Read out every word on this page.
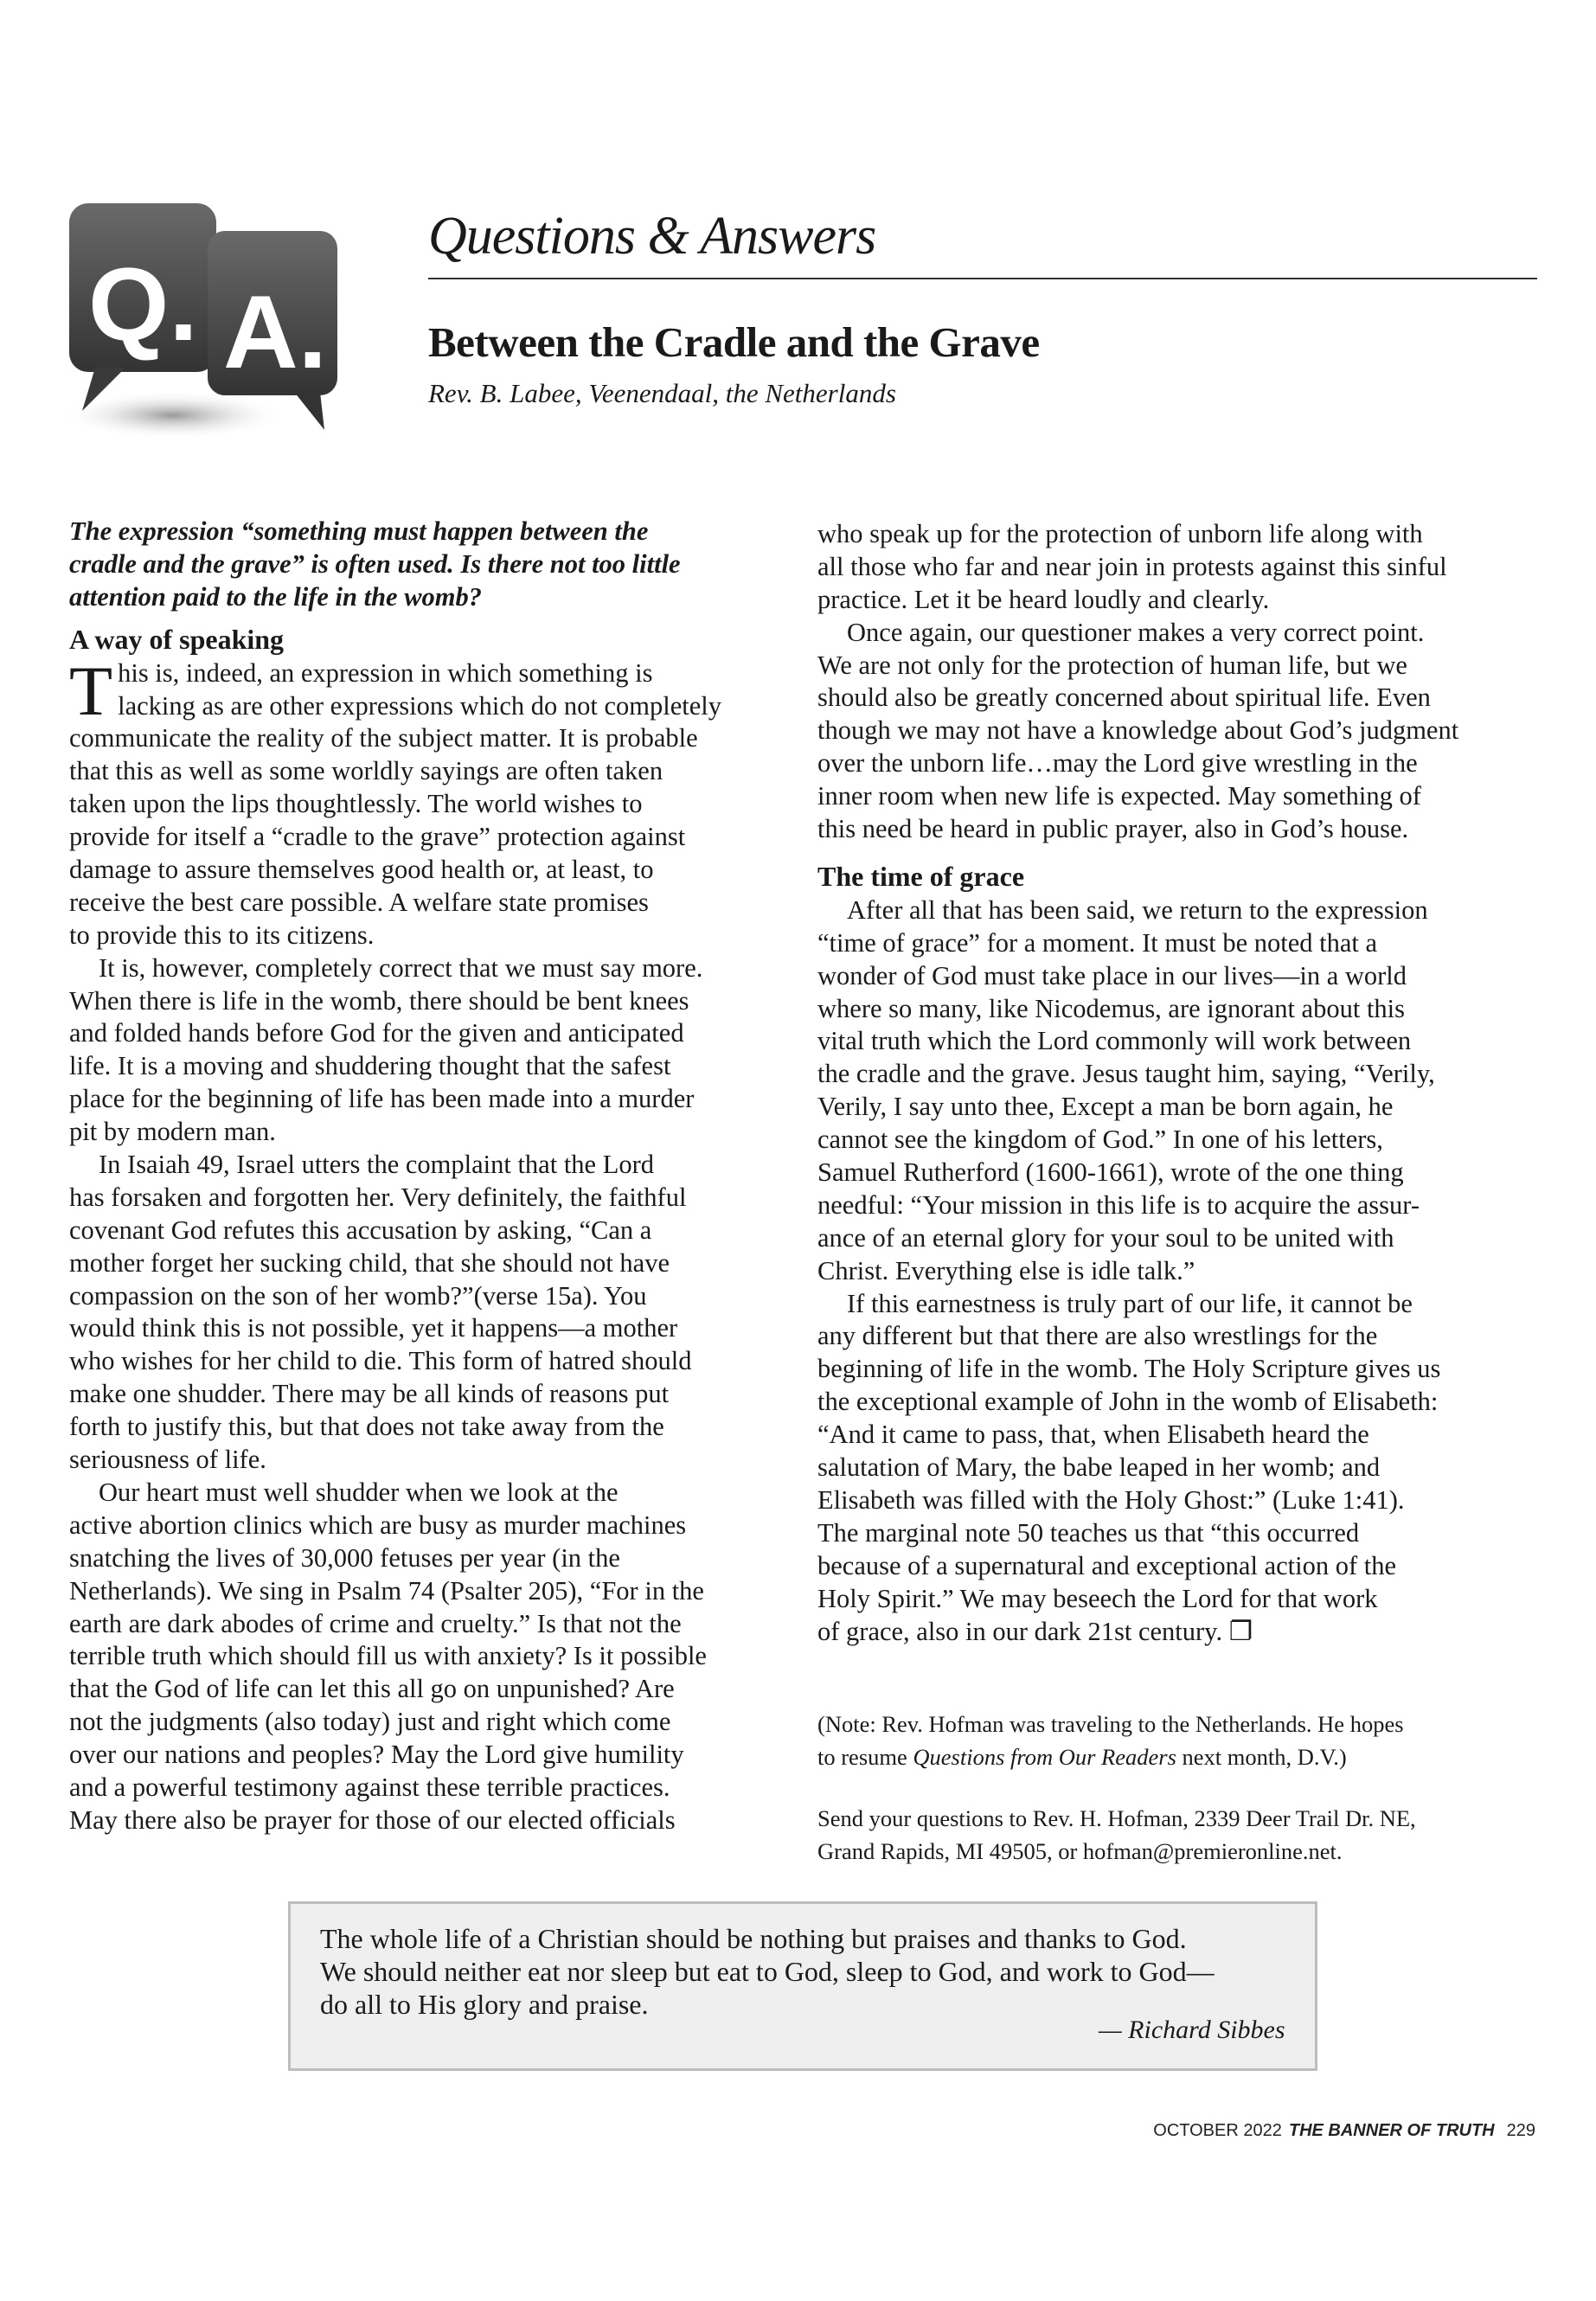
Q. A.
Questions & Answers
Between the Cradle and the Grave
Rev. B. Labee, Veenendaal, the Netherlands
The expression “something must happen between the
cradle and the grave” is often used. Is there not too little
attention paid to the life in the womb?
A way of speaking
T his is, indeed, an expression in which something is
lacking as are other expressions which do not completely
communicate the reality of the subject matter. It is probable
that this as well as some worldly sayings are often taken
taken upon the lips thoughtlessly. The world wishes to
provide for itself a “cradle to the grave” protection against
damage to assure themselves good health or, at least, to
receive the best care possible. A welfare state promises
to provide this to its citizens.
It is, however, completely correct that we must say more.
When there is life in the womb, there should be bent knees
and folded hands before God for the given and anticipated
life. It is a moving and shuddering thought that the safest
place for the beginning of life has been made into a murder
pit by modern man.
In Isaiah 49, Israel utters the complaint that the Lord
has forsaken and forgotten her. Very definitely, the faithful
covenant God refutes this accusation by asking, “Can a
mother forget her sucking child, that she should not have
compassion on the son of her womb?”(verse 15a). You
would think this is not possible, yet it happens—a mother
who wishes for her child to die. This form of hatred should
make one shudder. There may be all kinds of reasons put
forth to justify this, but that does not take away from the
seriousness of life.
Our heart must well shudder when we look at the
active abortion clinics which are busy as murder machines
snatching the lives of 30,000 fetuses per year (in the
Netherlands). We sing in Psalm 74 (Psalter 205), “For in the
earth are dark abodes of crime and cruelty.” Is that not the
terrible truth which should fill us with anxiety? Is it possible
that the God of life can let this all go on unpunished? Are
not the judgments (also today) just and right which come
over our nations and peoples? May the Lord give humility
and a powerful testimony against these terrible practices.
May there also be prayer for those of our elected officials
who speak up for the protection of unborn life along with
all those who far and near join in protests against this sinful
practice. Let it be heard loudly and clearly.
Once again, our questioner makes a very correct point.
We are not only for the protection of human life, but we
should also be greatly concerned about spiritual life. Even
though we may not have a knowledge about God’s judgment
over the unborn life…may the Lord give wrestling in the
inner room when new life is expected. May something of
this need be heard in public prayer, also in God’s house.
The time of grace
After all that has been said, we return to the expression
“time of grace” for a moment. It must be noted that a
wonder of God must take place in our lives—in a world
where so many, like Nicodemus, are ignorant about this
vital truth which the Lord commonly will work between
the cradle and the grave. Jesus taught him, saying, “Verily,
Verily, I say unto thee, Except a man be born again, he
cannot see the kingdom of God.” In one of his letters,
Samuel Rutherford (1600-1661), wrote of the one thing
needful: “Your mission in this life is to acquire the assur-
ance of an eternal glory for your soul to be united with
Christ. Everything else is idle talk.”
If this earnestness is truly part of our life, it cannot be
any different but that there are also wrestlings for the
beginning of life in the womb. The Holy Scripture gives us
the exceptional example of John in the womb of Elisabeth:
“And it came to pass, that, when Elisabeth heard the
salutation of Mary, the babe leaped in her womb; and
Elisabeth was filled with the Holy Ghost:” (Luke 1:41).
The marginal note 50 teaches us that “this occurred
because of a supernatural and exceptional action of the
Holy Spirit.” We may beseech the Lord for that work
of grace, also in our dark 21st century. ❐
(Note: Rev. Hofman was traveling to the Netherlands. He hopes
to resume Questions from Our Readers next month, D.V.)
Send your questions to Rev. H. Hofman, 2339 Deer Trail Dr. NE,
Grand Rapids, MI 49505, or hofman@premieronline.net.
The whole life of a Christian should be nothing but praises and thanks to God.
We should neither eat nor sleep but eat to God, sleep to God, and work to God—
do all to His glory and praise.
— Richard Sibbes
OCTOBER 2022 THE BANNER OF TRUTH 229
